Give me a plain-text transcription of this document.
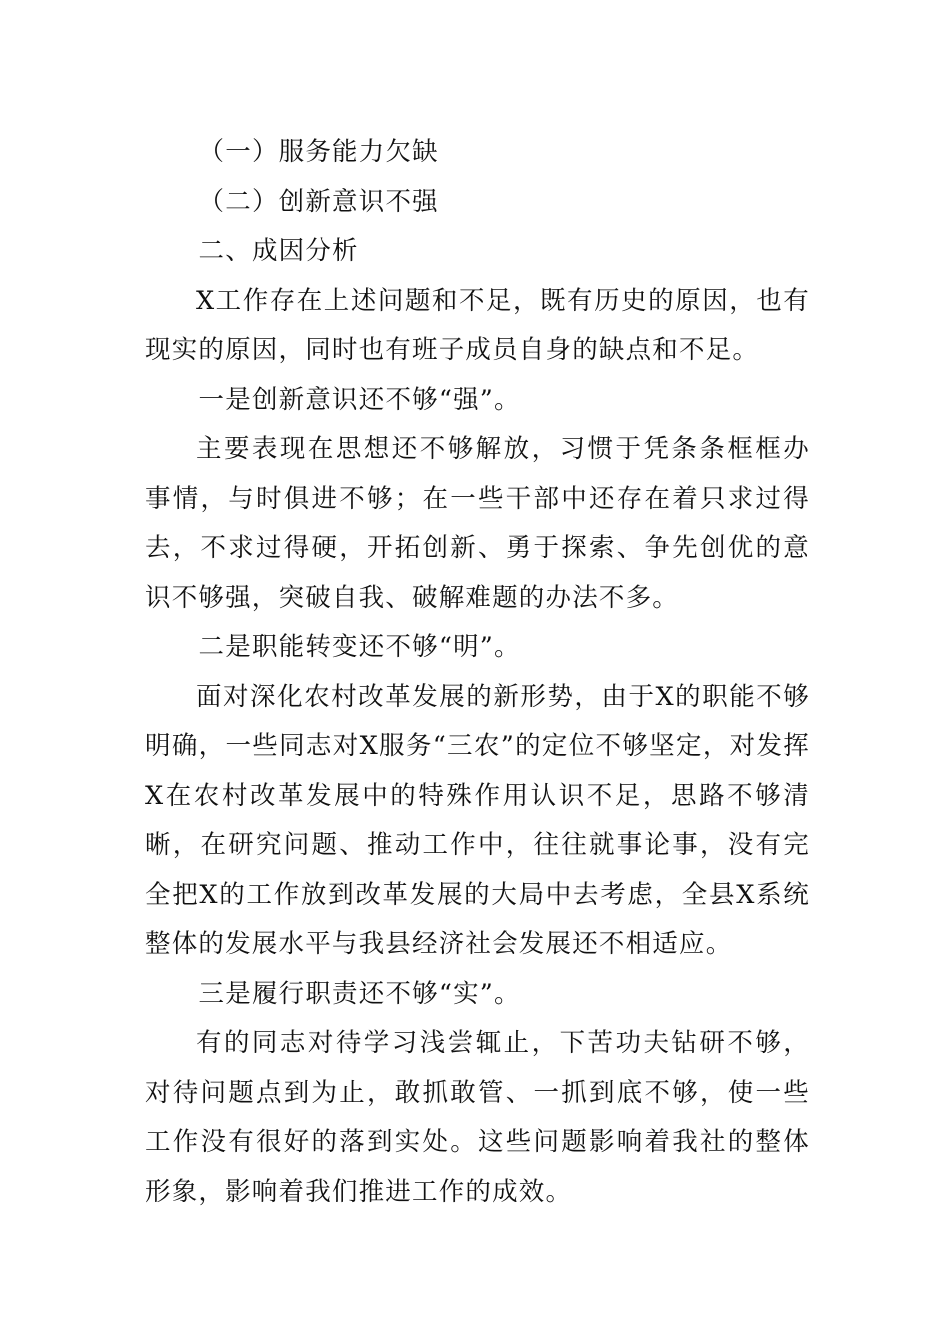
（一）服务能力欠缺

（二）创新意识不强

二、成因分析

X工作存在上述问题和不足，既有历史的原因，也有现实的原因，同时也有班子成员自身的缺点和不足。

一是创新意识还不够“强”。

主要表现在思想还不够解放，习惯于凭条条框框办事情，与时俱进不够；在一些干部中还存在着只求过得去，不求过得硬，开拓创新、勇于探索、争先创优的意识不够强，突破自我、破解难题的办法不多。

二是职能转变还不够“明”。

面对深化农村改革发展的新形势，由于X的职能不够明确，一些同志对X服务“三农”的定位不够坚定，对发挥X在农村改革发展中的特殊作用认识不足，思路不够清晰，在研究问题、推动工作中，往往就事论事，没有完全把X的工作放到改革发展的大局中去考虑，全县X系统整体的发展水平与我县经济社会发展还不相适应。

三是履行职责还不够“实”。

有的同志对待学习浅尝辄止，下苦功夫钻研不够，对待问题点到为止，敢抓敢管、一抓到底不够，使一些工作没有很好的落到实处。这些问题影响着我社的整体形象，影响着我们推进工作的成效。
